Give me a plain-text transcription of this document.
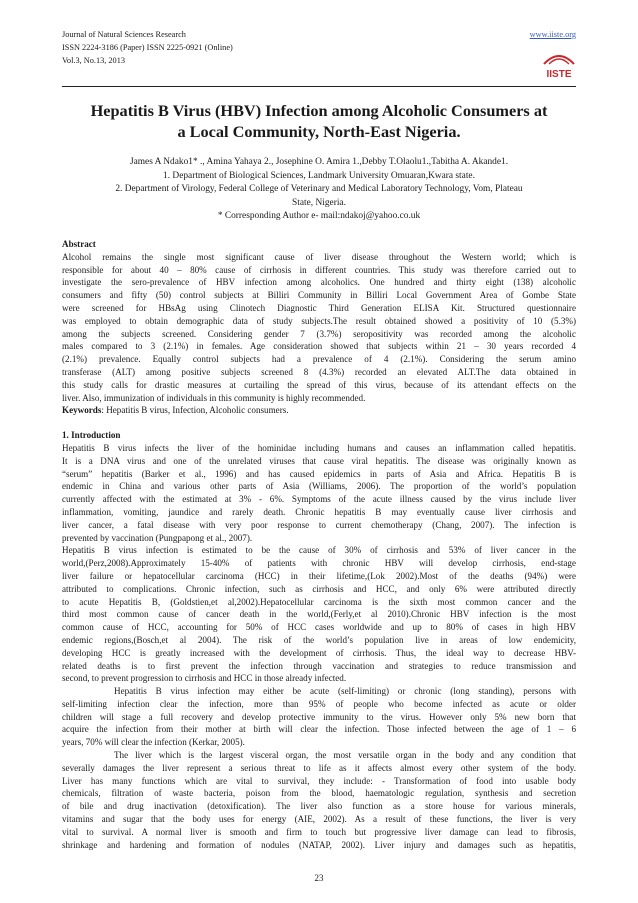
Journal of Natural Sciences Research
ISSN 2224-3186 (Paper) ISSN 2225-0921 (Online)
Vol.3, No.13, 2013
www.iiste.org
IISTE
Hepatitis B Virus (HBV) Infection among Alcoholic Consumers at
a Local Community, North-East Nigeria.
James A Ndako1* ., Amina Yahaya 2., Josephine O. Amira 1.,Debby T.Olaolu1.,Tabitha A. Akande1.
1. Department of Biological Sciences, Landmark University Omuaran,Kwara state.
2. Department of Virology, Federal College of Veterinary and Medical Laboratory Technology, Vom, Plateau
State, Nigeria.
* Corresponding Author e- mail:ndakoj@yahoo.co.uk
Abstract

Alcohol remains the single most significant cause of liver disease throughout the Western world; which is

responsible for about 40 – 80% cause of cirrhosis in different countries. This study was therefore carried out to

investigate the sero-prevalence of HBV infection among alcoholics. One hundred and thirty eight (138) alcoholic

consumers and fifty (50) control subjects at Billiri Community in Billiri Local Government Area of Gombe State

were screened for HBsAg using Clinotech Diagnostic Third Generation ELISA Kit. Structured questionnaire

was employed to obtain demographic data of study subjects.The result obtained showed a positivity of 10 (5.3%)

among the subjects screened. Considering gender 7 (3.7%) seropositivity was recorded among the alcoholic

males compared to 3 (2.1%) in females. Age consideration showed that subjects within 21 – 30 years recorded 4

(2.1%) prevalence. Equally control subjects had a prevalence of 4 (2.1%). Considering the serum amino

transferase (ALT) among positive subjects screened 8 (4.3%) recorded an elevated ALT.The data obtained in

this study calls for drastic measures at curtailing the spread of this virus, because of its attendant effects on the

liver. Also, immunization of individuals in this community is highly recommended.

Keywords: Hepatitis B virus, Infection, Alcoholic consumers.
1. Introduction

Hepatitis B virus infects the liver of the hominidae including humans and causes an inflammation called hepatitis.

It is a DNA virus and one of the unrelated viruses that cause viral hepatitis. The disease was originally known as

“serum” hepatitis (Barker et al., 1996) and has caused epidemics in parts of Asia and Africa. Hepatitis B is

endemic in China and various other parts of Asia (Williams, 2006). The proportion of the world’s population

currently affected with the estimated at 3% - 6%. Symptoms of the acute illness caused by the virus include liver

inflammation, vomiting, jaundice and rarely death. Chronic hepatitis B may eventually cause liver cirrhosis and

liver cancer, a fatal disease with very poor response to current chemotherapy (Chang, 2007). The infection is

prevented by vaccination (Pungpapong et al., 2007).

Hepatitis B virus infection is estimated to be the cause of 30% of cirrhosis and 53% of liver cancer in the

world,(Perz,2008).Approximately 15-40% of patients with chronic HBV will develop cirrhosis, end-stage

liver failure or hepatocellular carcinoma (HCC) in their lifetime,(Lok 2002).Most of the deaths (94%) were

attributed to complications. Chronic infection, such as cirrhosis and HCC, and only 6% were attributed directly

to acute Hepatitis B, (Goldstien,et al,2002).Hepatocellular carcinoma is the sixth most common cancer and the

third most common cause of cancer death in the world,(Ferly,et al 2010).Chronic HBV infection is the most

common cause of HCC, accounting for 50% of HCC cases worldwide and up to 80% of cases in high HBV

endemic regions,(Bosch,et al 2004). The risk of the world’s population live in areas of low endemicity,

developing HCC is greatly increased with the development of cirrhosis. Thus, the ideal way to decrease HBV-

related deaths is to first prevent the infection through vaccination and strategies to reduce transmission and

second, to prevent progression to cirrhosis and HCC in those already infected.

Hepatitis B virus infection may either be acute (self-limiting) or chronic (long standing), persons with

self-limiting infection clear the infection, more than 95% of people who become infected as acute or older

children will stage a full recovery and develop protective immunity to the virus. However only 5% new born that

acquire the infection from their mother at birth will clear the infection. Those infected between the age of 1 – 6

years, 70% will clear the infection (Kerkar, 2005).

The liver which is the largest visceral organ, the most versatile organ in the body and any condition that

severally damages the liver represent a serious threat to life as it affects almost every other system of the body.

Liver has many functions which are vital to survival, they include: - Transformation of food into usable body

chemicals, filtration of waste bacteria, poison from the blood, haematologic regulation, synthesis and secretion

of bile and drug inactivation (detoxification). The liver also function as a store house for various minerals,

vitamins and sugar that the body uses for energy (AIE, 2002). As a result of these functions, the liver is very

vital to survival. A normal liver is smooth and firm to touch but progressive liver damage can lead to fibrosis,

shrinkage and hardening and formation of nodules (NATAP, 2002). Liver injury and damages such as hepatitis,

23
